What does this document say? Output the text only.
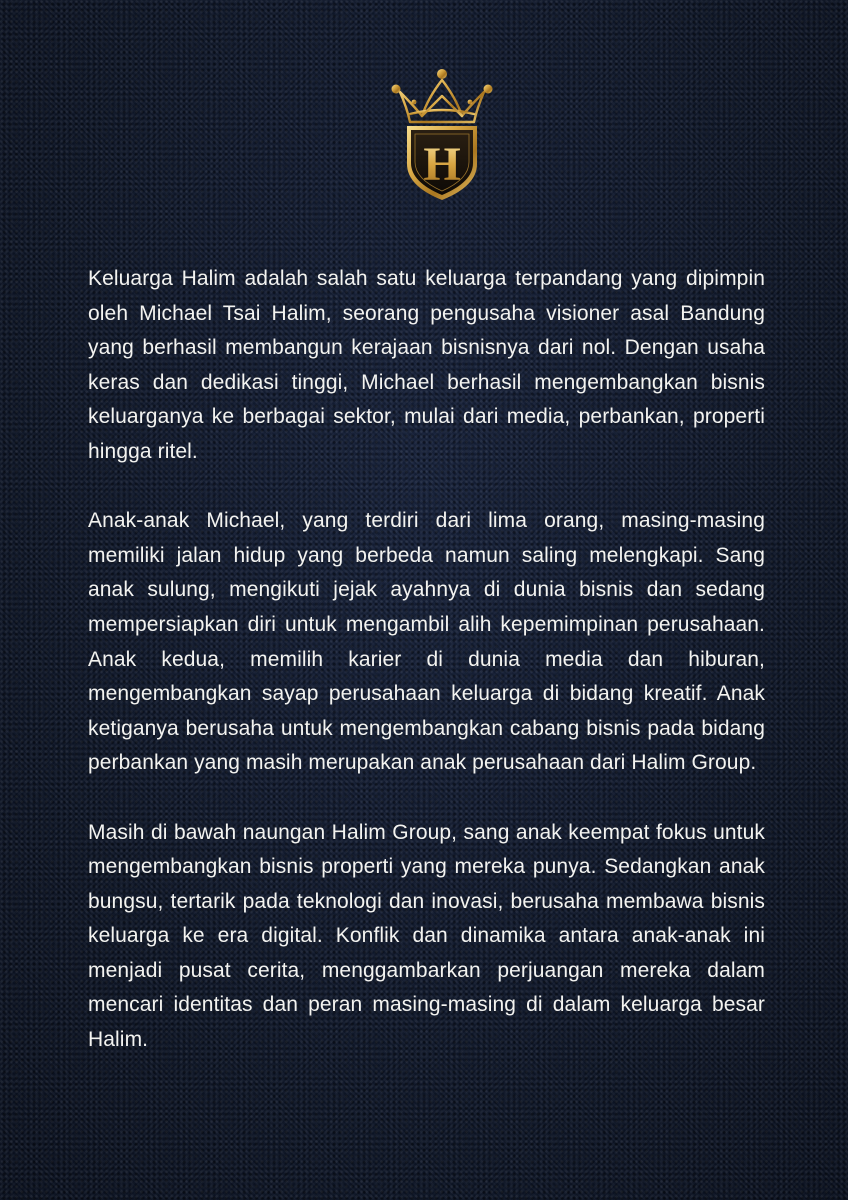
H

Keluarga Halim adalah salah satu keluarga terpandang yang dipimpin oleh Michael Tsai Halim, seorang pengusaha visioner asal Bandung yang berhasil membangun kerajaan bisnisnya dari nol. Dengan usaha keras dan dedikasi tinggi, Michael berhasil mengembangkan bisnis keluarganya ke berbagai sektor, mulai dari media, perbankan, properti hingga ritel.

Anak-anak Michael, yang terdiri dari lima orang, masing-masing memiliki jalan hidup yang berbeda namun saling melengkapi. Sang anak sulung, mengikuti jejak ayahnya di dunia bisnis dan sedang mempersiapkan diri untuk mengambil alih kepemimpinan perusahaan. Anak kedua, memilih karier di dunia media dan hiburan, mengembangkan sayap perusahaan keluarga di bidang kreatif. Anak ketiganya berusaha untuk mengembangkan cabang bisnis pada bidang perbankan yang masih merupakan anak perusahaan dari Halim Group.

Masih di bawah naungan Halim Group, sang anak keempat fokus untuk mengembangkan bisnis properti yang mereka punya. Sedangkan anak bungsu, tertarik pada teknologi dan inovasi, berusaha membawa bisnis keluarga ke era digital. Konflik dan dinamika antara anak-anak ini menjadi pusat cerita, menggambarkan perjuangan mereka dalam mencari identitas dan peran masing-masing di dalam keluarga besar Halim.
